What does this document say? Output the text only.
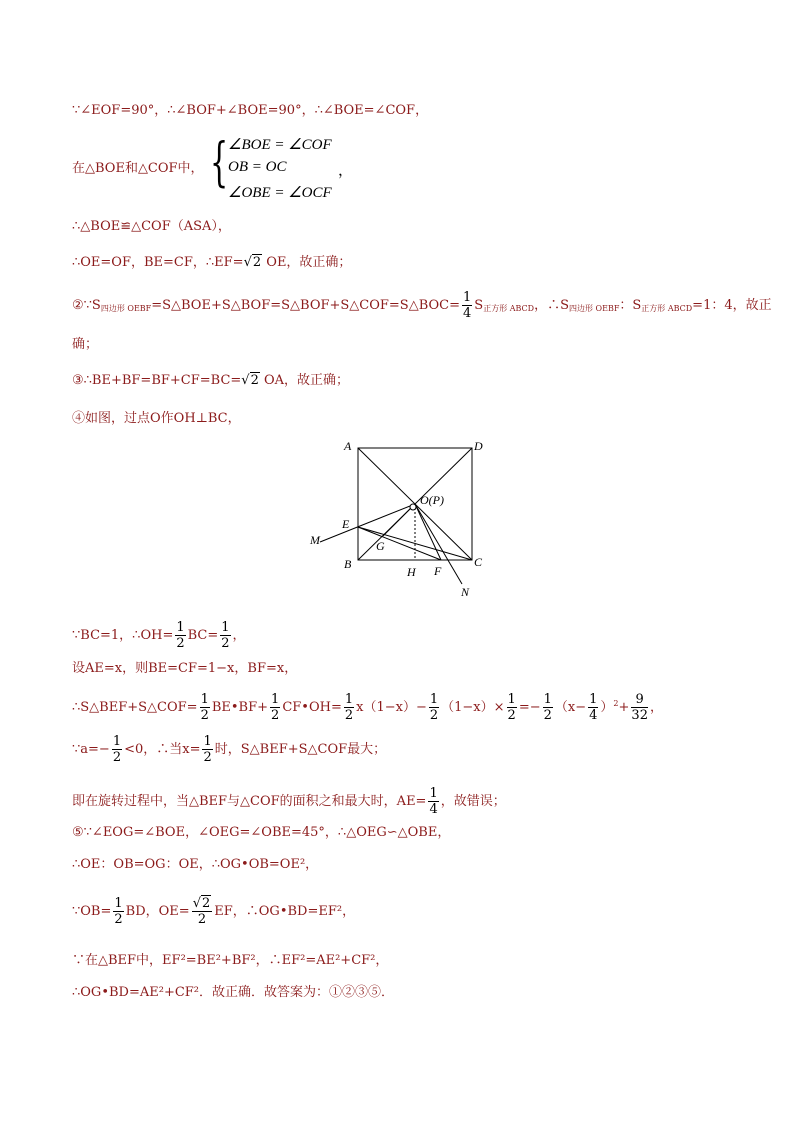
∵∠EOF=90°，∴∠BOF+∠BOE=90°，∴∠BOE=∠COF，
在△BOE和△COF中， { ∠BOE = ∠COF
OB = OC
∠OBE = ∠OCF
，
∴△BOE≌△COF（ASA），
∴OE=OF，BE=CF，∴EF=√2 OE，故正确；
$②\because S_{四边形 OEBF}=S\triangle BOE+S\triangle BOF=S\triangle BOF+S\triangle COF=S\triangle BOC= \frac{1}{4} S_{正方形 ABCD}$，$\therefore S_{四边形 OEBF}$：$S_{正方形 ABCD}=1$：4，故正
确；
③∴BE+BF=BF+CF=BC=√2 OA，故正确；
④如图，过点O作OH⊥BC，
A	D
B	C
E
F
G
H
M
N
O(P)
∵BC=1，∴OH= $\frac{1}{2} BC= \frac{1}{2}$ ，
设AE=x，则BE=CF=1−x，BF=x，
∴S△BEF+S△COF= $\frac{1}{2}$ BE•BF+ $\frac{1}{2}$ CF•OH= $\frac{1}{2} x(1-x)- \frac{1}{2} (1-x)\times \frac{1}{2} =- \frac{1}{2} (x- \frac{1}{4} )^2+ \frac{9}{32}$ ，
∵a=− $\frac{1}{2} <0$，∴当$x= \frac{1}{2}$ 时，S△BEF+S△COF最大；
即在旋转过程中，当△BEF与△COF的面积之和最大时，$AE= \frac{1}{4}$ ，故错误；
⑤∵∠EOG=∠BOE，∠OEG=∠OBE=45°，∴△OEG∽△OBE，
∴OE：OB=OG：OE，∴OG•OB=OE²，
∵OB= $\frac{1}{2}$ BD，$OE= \frac{√2}{2}$ EF，∴OG•BD=EF²，
∵在△BEF中，EF²=BE²+BF²，∴EF²=AE²+CF²，
∴OG•BD=AE²+CF²．故正确．故答案为：①②③⑤．
